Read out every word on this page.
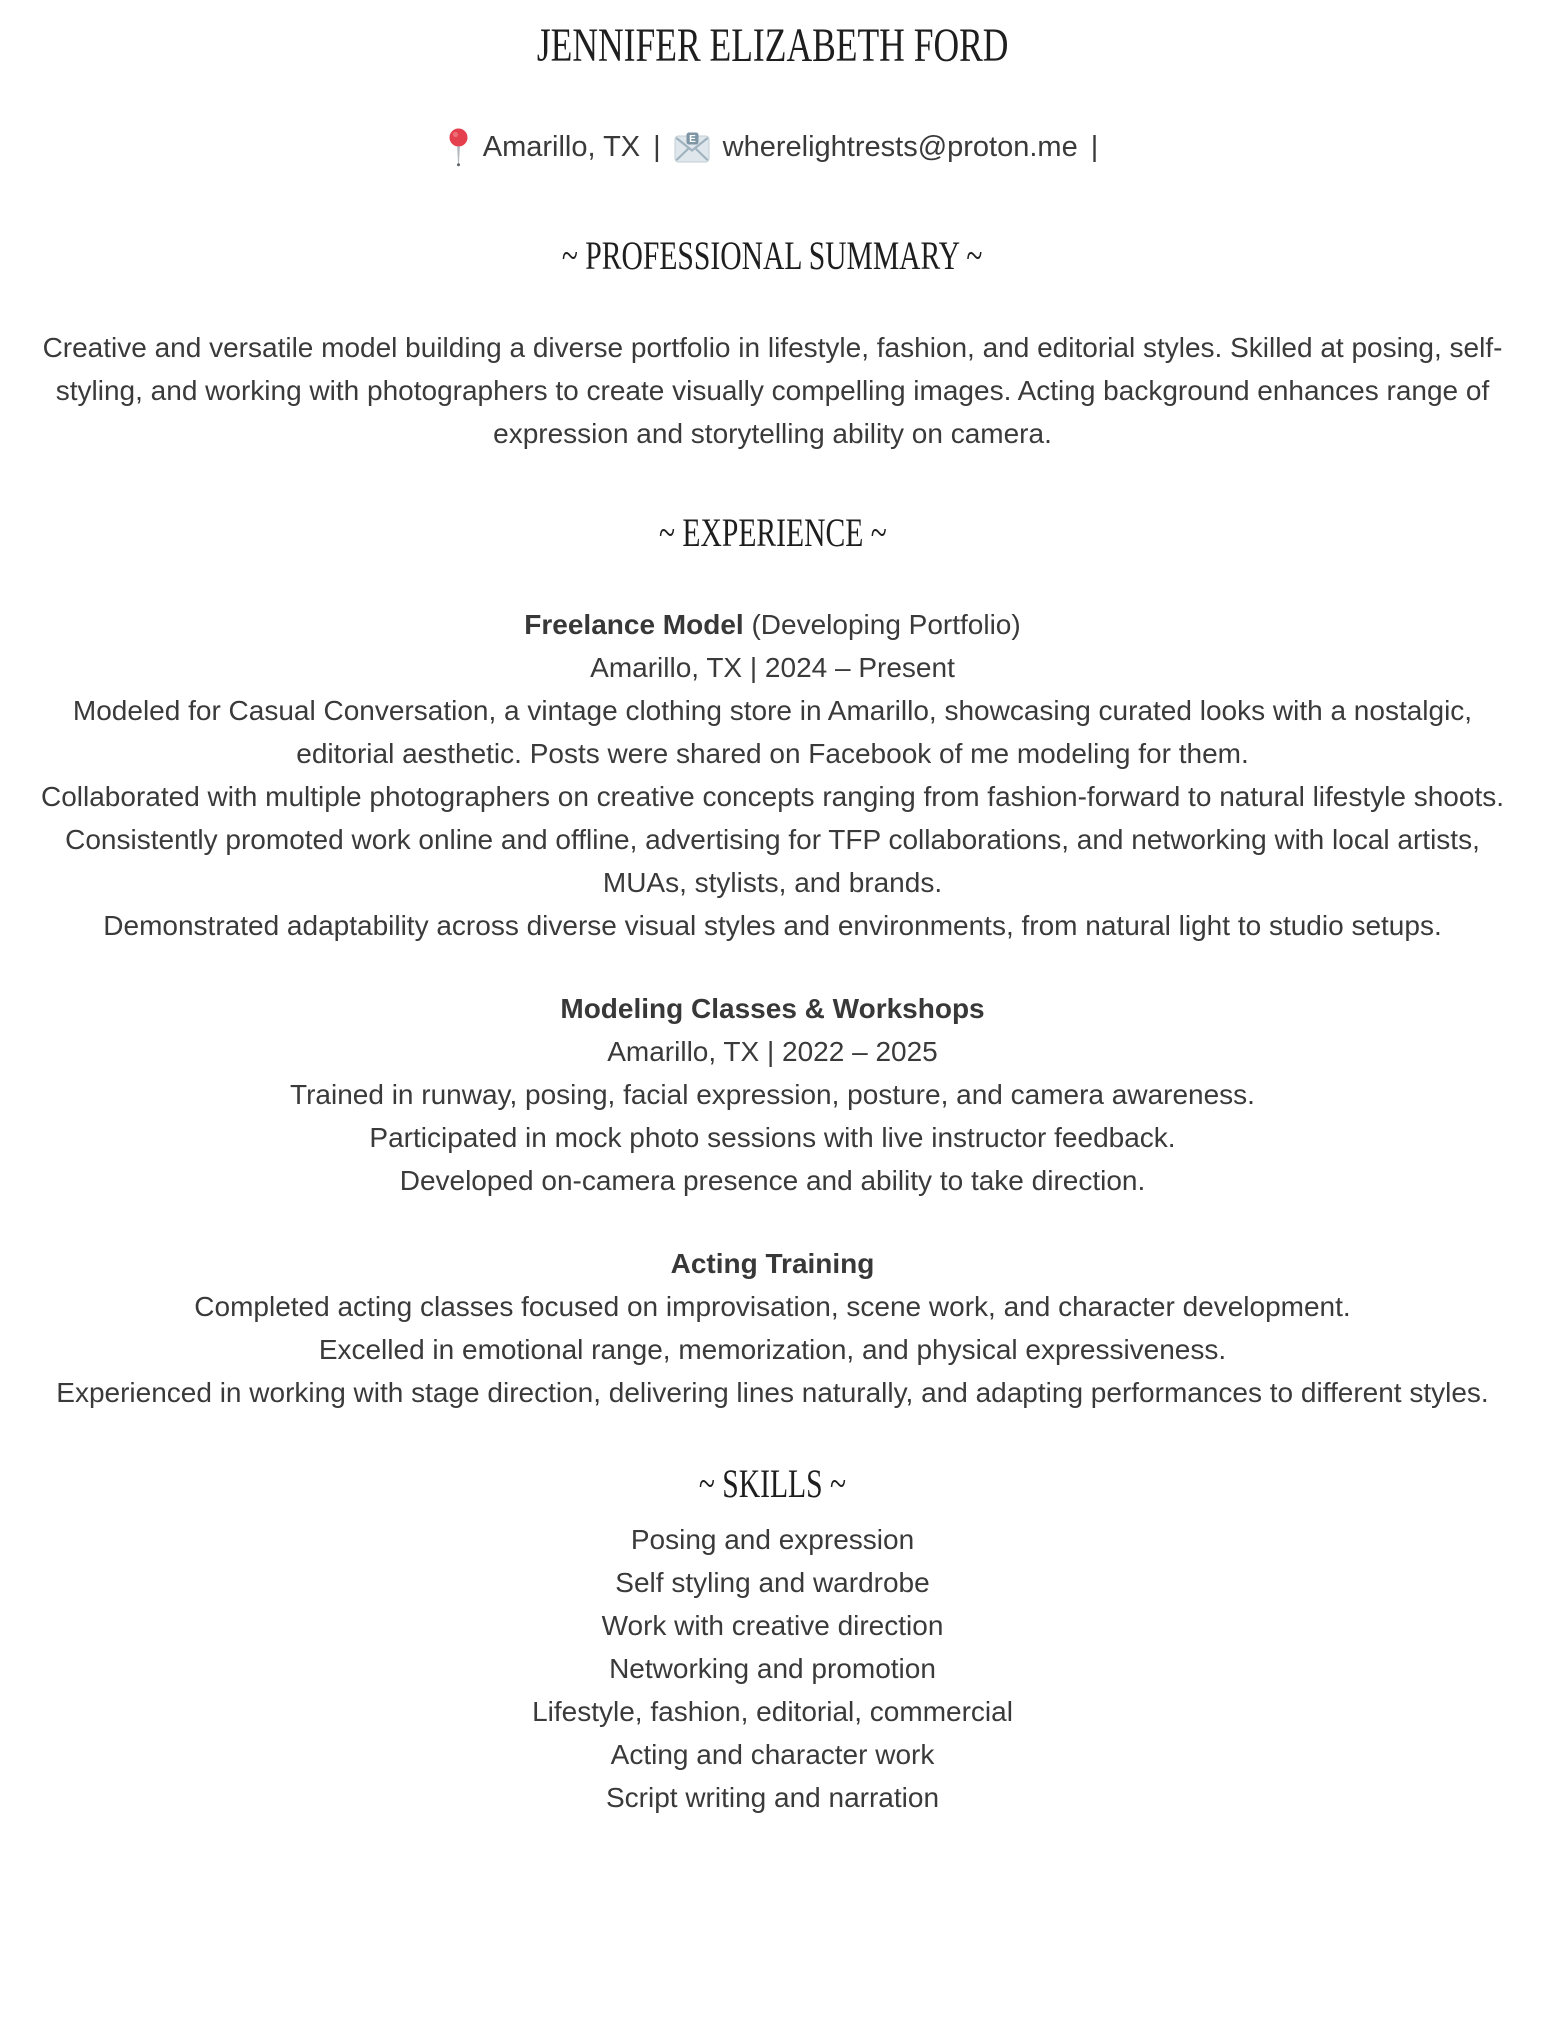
JENNIFER ELIZABETH FORD
Amarillo, TX |	E wherelightrests@proton.me |
~ PROFESSIONAL SUMMARY ~

Creative and versatile model building a diverse portfolio in lifestyle, fashion, and editorial styles. Skilled at posing, self-styling, and working with photographers to create visually compelling images. Acting background enhances range of expression and storytelling ability on camera.

~ EXPERIENCE ~
Freelance Model (Developing Portfolio)
Amarillo, TX | 2024 – Present

Modeled for Casual Conversation, a vintage clothing store in Amarillo, showcasing curated looks with a nostalgic, editorial aesthetic. Posts were shared on Facebook of me modeling for them.

Collaborated with multiple photographers on creative concepts ranging from fashion-forward to natural lifestyle shoots.

Consistently promoted work online and offline, advertising for TFP collaborations, and networking with local artists, MUAs, stylists, and brands.

Demonstrated adaptability across diverse visual styles and environments, from natural light to studio setups.

Modeling Classes & Workshops
Amarillo, TX | 2022 – 2025

Trained in runway, posing, facial expression, posture, and camera awareness.

Participated in mock photo sessions with live instructor feedback.

Developed on-camera presence and ability to take direction.

Acting Training

Completed acting classes focused on improvisation, scene work, and character development.

Excelled in emotional range, memorization, and physical expressiveness.

Experienced in working with stage direction, delivering lines naturally, and adapting performances to different styles.

~ SKILLS ~
Posing and expression
Self styling and wardrobe
Work with creative direction
Networking and promotion
Lifestyle, fashion, editorial, commercial
Acting and character work
Script writing and narration
